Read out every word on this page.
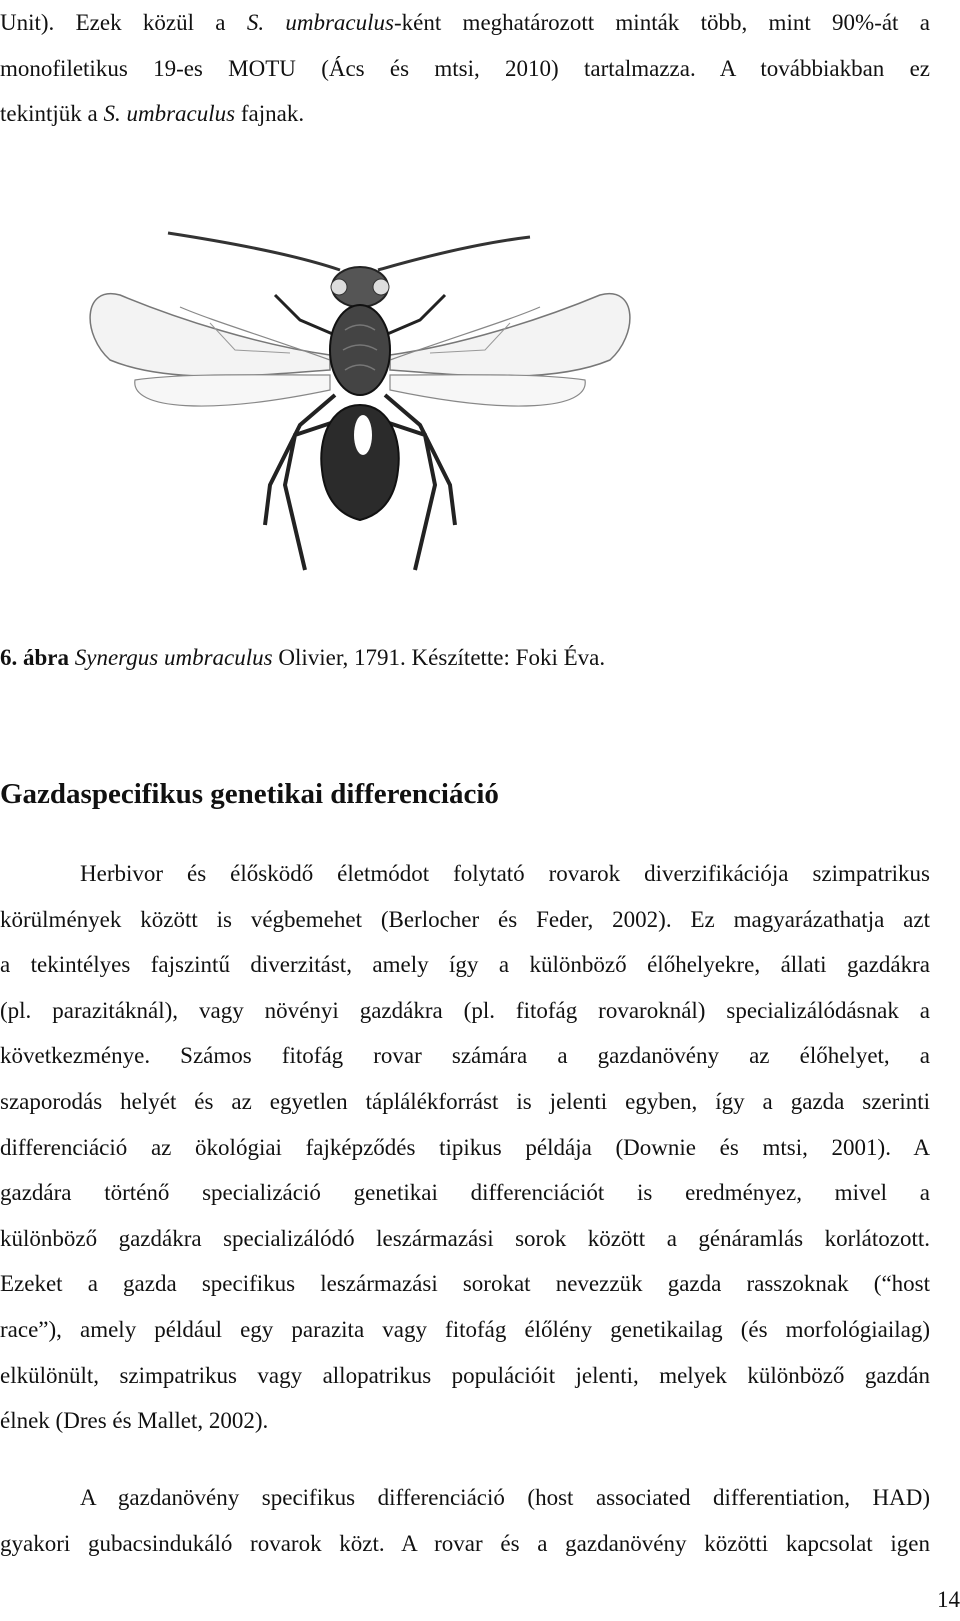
Unit). Ezek közül a S. umbraculus-ként meghatározott minták több, mint 90%-át a
monofiletikus 19-es MOTU (Ács és mtsi, 2010) tartalmazza. A továbbiakban ez
tekintjük a S. umbraculus fajnak.
6. ábra Synergus umbraculus Olivier, 1791. Készítette: Foki Éva.
Gazdaspecifikus genetikai differenciáció
Herbivor és élősködő életmódot folytató rovarok diverzifikációja szimpatrikus
körülmények között is végbemehet (Berlocher és Feder, 2002). Ez magyarázathatja azt
a tekintélyes fajszintű diverzitást, amely így a különböző élőhelyekre, állati gazdákra
(pl. parazitáknál), vagy növényi gazdákra (pl. fitofág rovaroknál) specializálódásnak a
következménye. Számos fitofág rovar számára a gazdanövény az élőhelyet, a
szaporodás helyét és az egyetlen táplálékforrást is jelenti egyben, így a gazda szerinti
differenciáció az ökológiai fajképződés tipikus példája (Downie és mtsi, 2001). A
gazdára történő specializáció genetikai differenciációt is eredményez, mivel a
különböző gazdákra specializálódó leszármazási sorok között a génáramlás korlátozott.
Ezeket a gazda specifikus leszármazási sorokat nevezzük gazda rasszoknak (“host
race”), amely például egy parazita vagy fitofág élőlény genetikailag (és morfológiailag)
elkülönült, szimpatrikus vagy allopatrikus populációit jelenti, melyek különböző gazdán
élnek (Dres és Mallet, 2002).
A gazdanövény specifikus differenciáció (host associated differentiation, HAD)
gyakori gubacsindukáló rovarok közt. A rovar és a gazdanövény közötti kapcsolat igen
14
